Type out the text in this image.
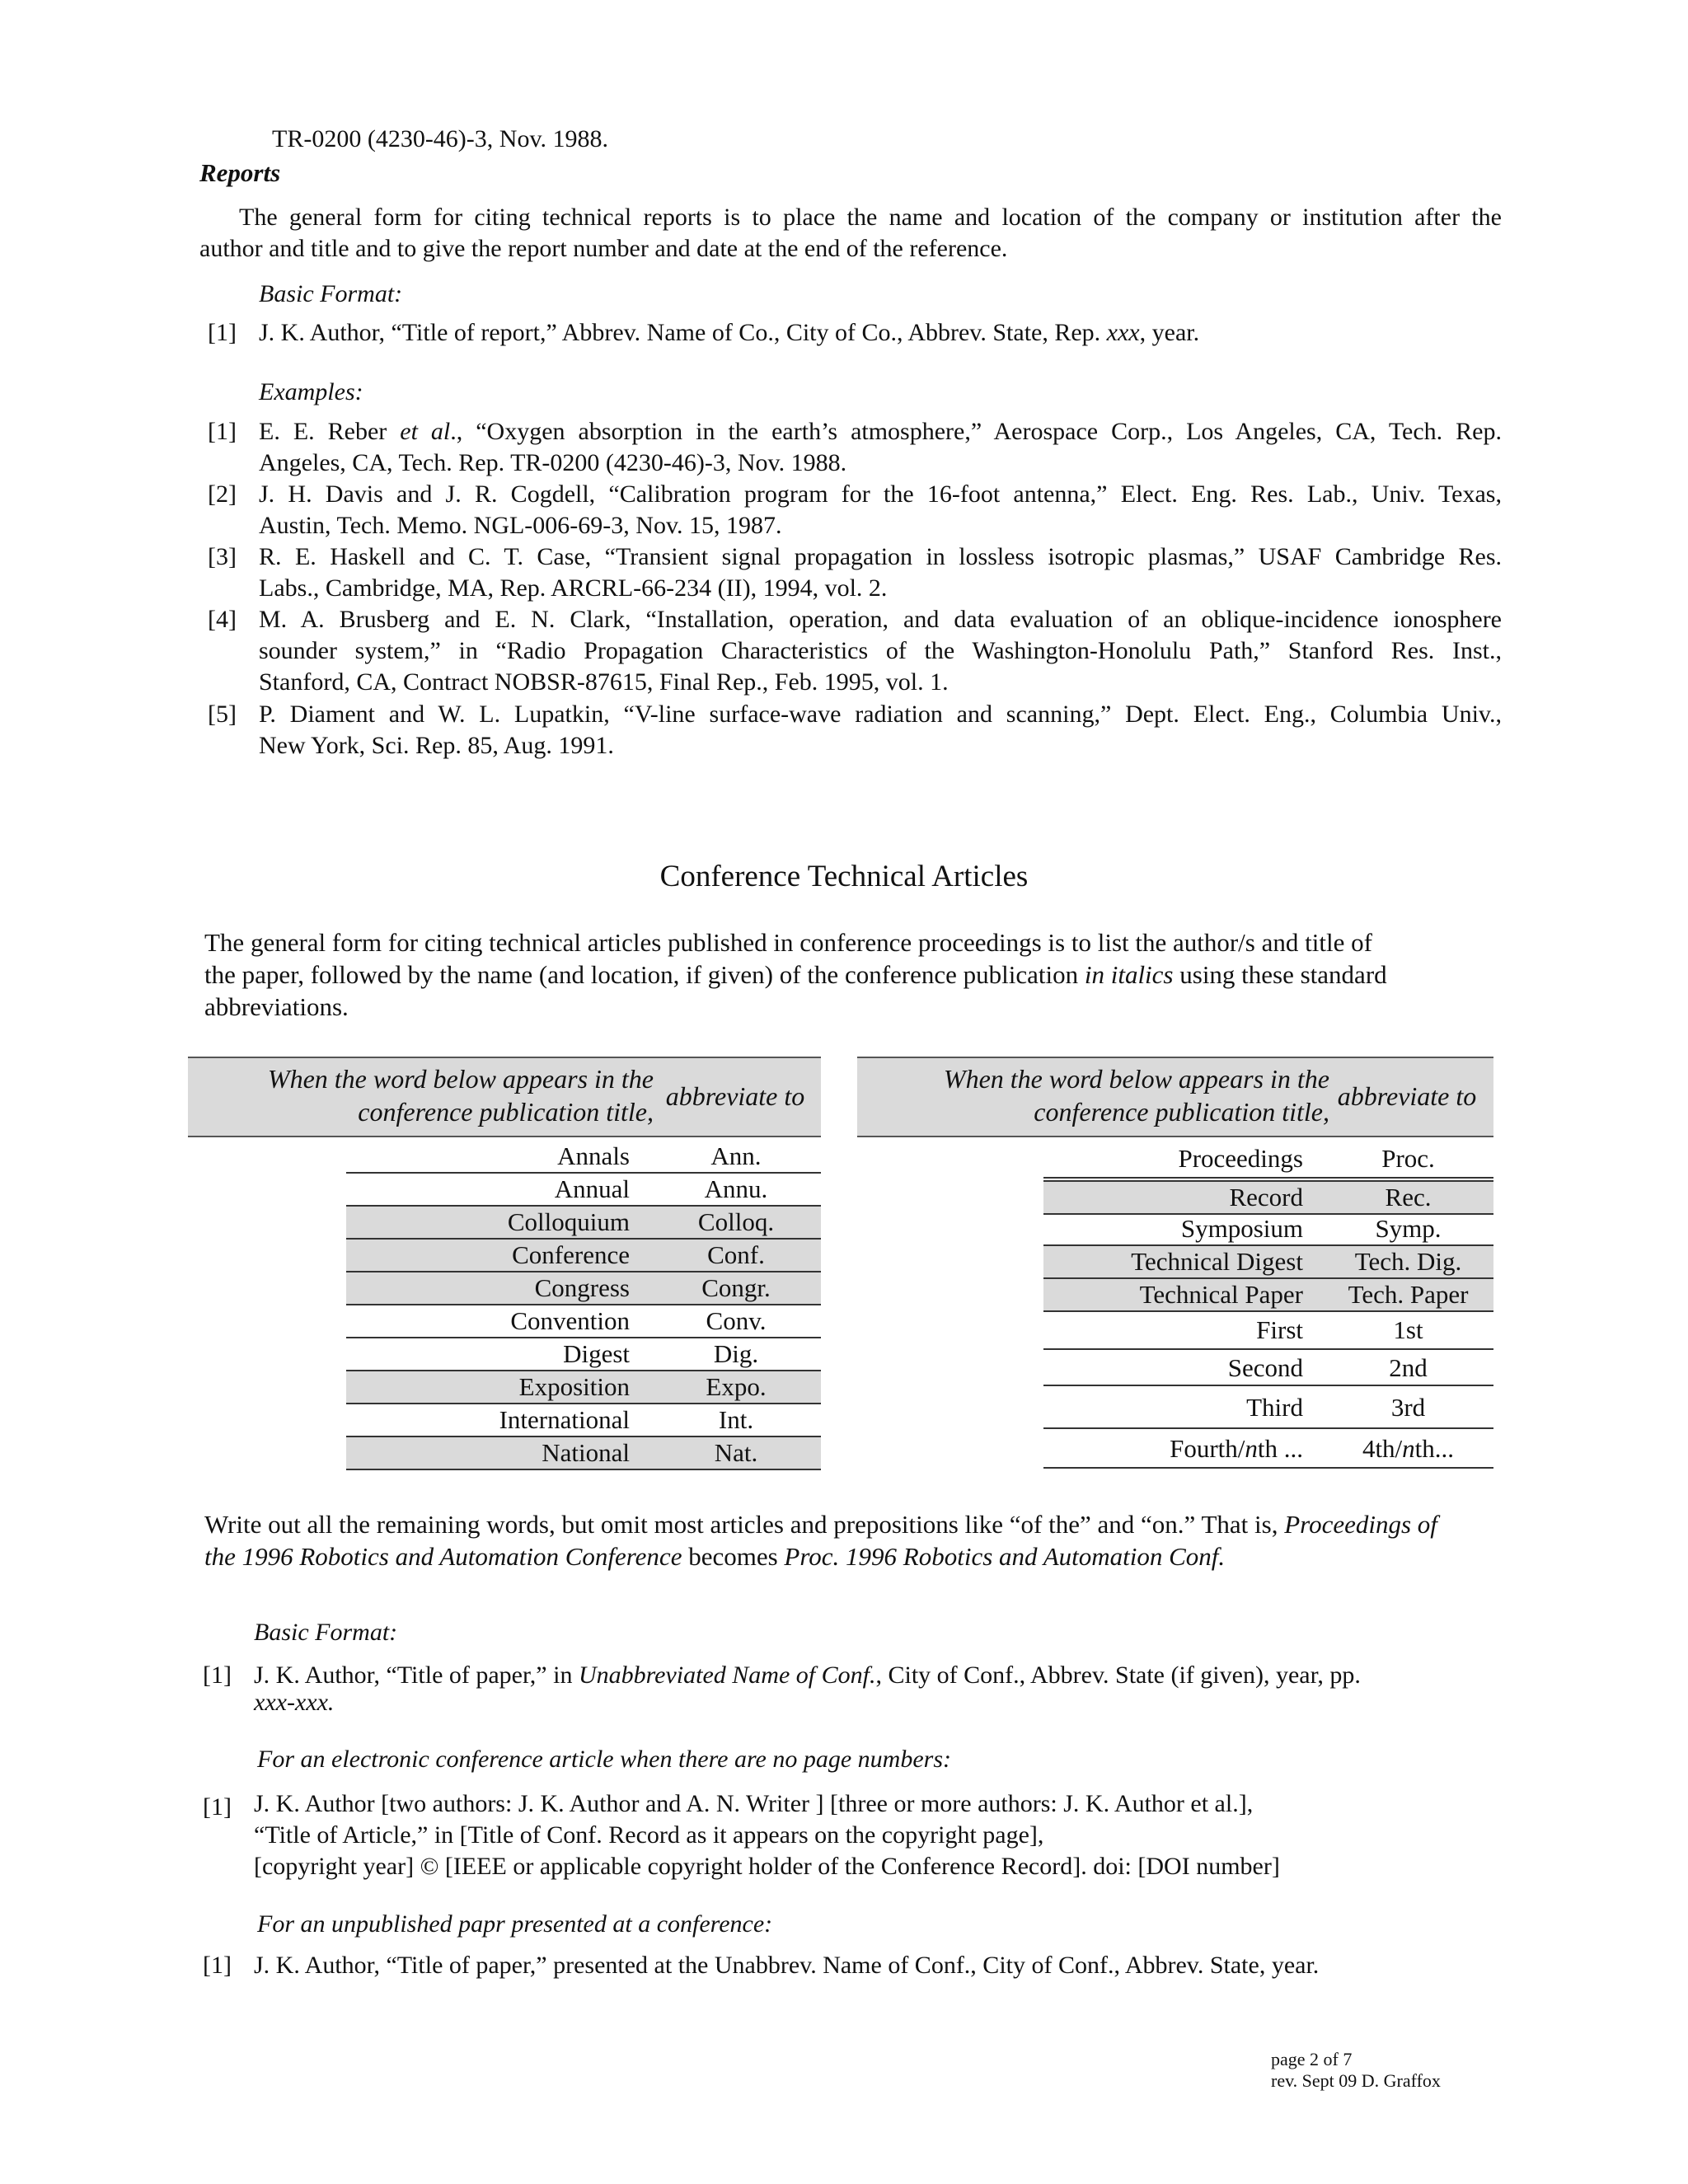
TR-0200 (4230-46)-3, Nov. 1988.
Reports
The general form for citing technical reports is to place the name and location of the company or institution after the
author and title and to give the report number and date at the end of the reference.
Basic Format:
[1] J. K. Author, “Title of report,” Abbrev. Name of Co., City of Co., Abbrev. State, Rep. xxx, year.
Examples:
[1] E. E. Reber et al., “Oxygen absorption in the earth’s atmosphere,” Aerospace Corp., Los Angeles, CA, Tech. Rep.
Angeles, CA, Tech. Rep. TR-0200 (4230-46)-3, Nov. 1988.
[2] J. H. Davis and J. R. Cogdell, “Calibration program for the 16-foot antenna,” Elect. Eng. Res. Lab., Univ. Texas,
Austin, Tech. Memo. NGL-006-69-3, Nov. 15, 1987.
[3] R. E. Haskell and C. T. Case, “Transient signal propagation in lossless isotropic plasmas,” USAF Cambridge Res.
Labs., Cambridge, MA, Rep. ARCRL-66-234 (II), 1994, vol. 2.
[4] M. A. Brusberg and E. N. Clark, “Installation, operation, and data evaluation of an oblique-incidence ionosphere
sounder system,” in “Radio Propagation Characteristics of the Washington-Honolulu Path,” Stanford Res. Inst.,
Stanford, CA, Contract NOBSR-87615, Final Rep., Feb. 1995, vol. 1.
[5] P. Diament and W. L. Lupatkin, “V-line surface-wave radiation and scanning,” Dept. Elect. Eng., Columbia Univ.,
New York, Sci. Rep. 85, Aug. 1991.
Conference Technical Articles
The general form for citing technical articles published in conference proceedings is to list the author/s and title of
the paper, followed by the name (and location, if given) of the conference publication in italics using these standard
abbreviations.
When the word below appears in the
conference publication title,
abbreviate to
Annals	Ann.
Annual	Annu.
Colloquium	Colloq.
Conference	Conf.
Congress	Congr.
Convention	Conv.
Digest	Dig.
Exposition	Expo.
International	Int.
National	Nat.
When the word below appears in the
conference publication title,
abbreviate to
Proceedings	Proc.
Record	Rec.
Symposium	Symp.
Technical Digest	Tech. Dig.
Technical Paper	Tech. Paper
First	1st
Second	2nd
Third	3rd
Fourth/nth ...	4th/nth...
Write out all the remaining words, but omit most articles and prepositions like “of the” and “on.” That is, Proceedings of
the 1996 Robotics and Automation Conference becomes Proc. 1996 Robotics and Automation Conf.
Basic Format:
[1] J. K. Author, “Title of paper,” in Unabbreviated Name of Conf., City of Conf., Abbrev. State (if given), year, pp.
xxx-xxx.
For an electronic conference article when there are no page numbers:
[1] J. K. Author [two authors: J. K. Author and A. N. Writer ] [three or more authors: J. K. Author et al.],
“Title of Article,” in [Title of Conf. Record as it appears on the copyright page],
[copyright year] © [IEEE or applicable copyright holder of the Conference Record]. doi: [DOI number]
For an unpublished papr presented at a conference:
[1] J. K. Author, “Title of paper,” presented at the Unabbrev. Name of Conf., City of Conf., Abbrev. State, year.
page 2 of 7
rev. Sept 09 D. Graffox
